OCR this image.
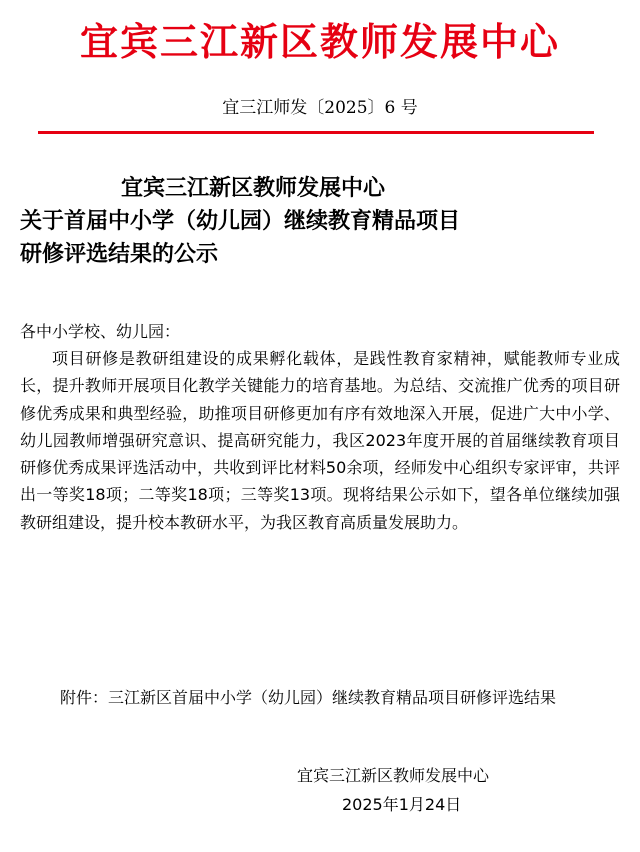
宜宾三江新区教师发展中心
宜三江师发〔2025〕6 号
宜宾三江新区教师发展中心
关于首届中小学（幼儿园）继续教育精品项目
研修评选结果的公示
各中小学校、幼儿园：
项目研修是教研组建设的成果孵化载体，是践性教育家精神，赋能教师专业成长，提升教师开展项目化教学关键能力的培育基地。为总结、交流推广优秀的项目研修优秀成果和典型经验，助推项目研修更加有序有效地深入开展，促进广大中小学、幼儿园教师增强研究意识、提高研究能力，我区2023年度开展的首届继续教育项目研修优秀成果评选活动中，共收到评比材料50余项，经师发中心组织专家评审，共评出一等奖18项；二等奖18项；三等奖13项。现将结果公示如下，望各单位继续加强教研组建设，提升校本教研水平，为我区教育高质量发展助力。
附件：三江新区首届中小学（幼儿园）继续教育精品项目研修评选结果
宜宾三江新区教师发展中心
2025年1月24日
